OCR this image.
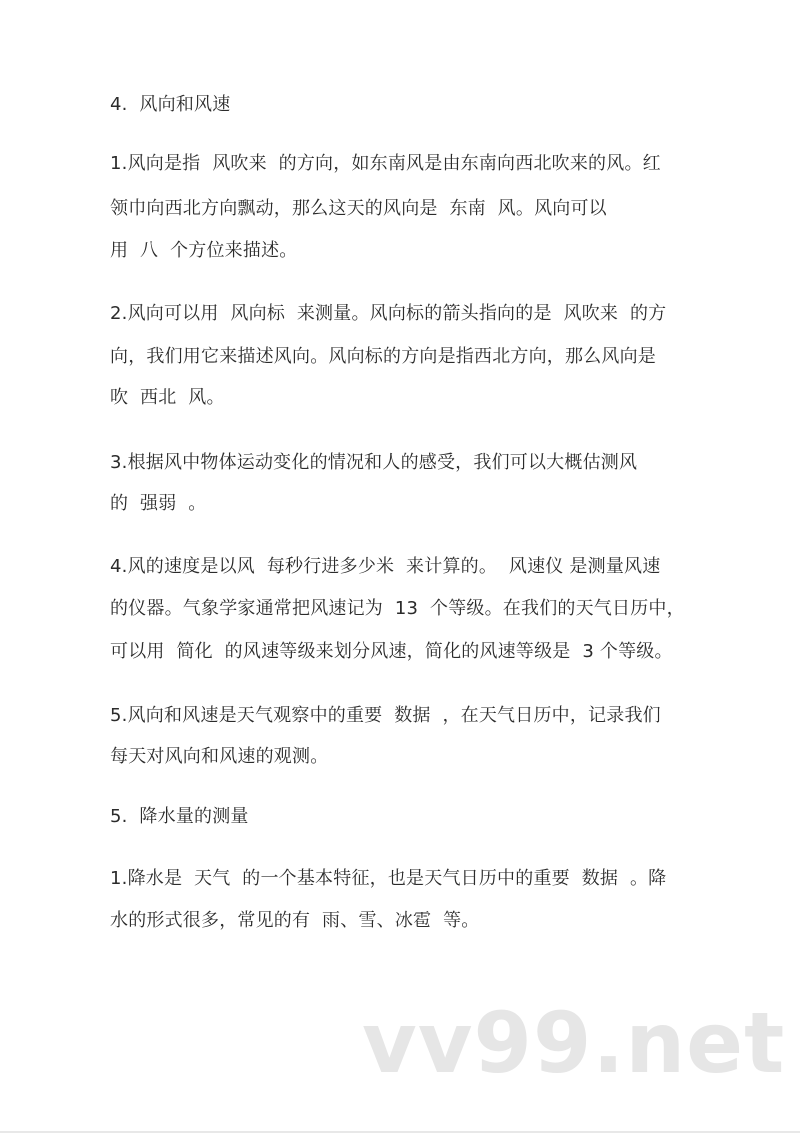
4.  风向和风速
1.风向是指  风吹来  的方向，如东南风是由东南向西北吹来的风。红
领巾向西北方向飘动，那么这天的风向是  东南  风。风向可以
用  八  个方位来描述。
2.风向可以用  风向标  来测量。风向标的箭头指向的是  风吹来  的方
向，我们用它来描述风向。风向标的方向是指西北方向，那么风向是
吹  西北  风。
3.根据风中物体运动变化的情况和人的感受，我们可以大概估测风
的  强弱  。
4.风的速度是以风  每秒行进多少米  来计算的。  风速仪 是测量风速
的仪器。气象学家通常把风速记为  13  个等级。在我们的天气日历中，
可以用  简化  的风速等级来划分风速，简化的风速等级是  3 个等级。
5.风向和风速是天气观察中的重要  数据  ，在天气日历中，记录我们
每天对风向和风速的观测。
5.  降水量的测量
1.降水是  天气  的一个基本特征，也是天气日历中的重要  数据  。降
水的形式很多，常见的有  雨、雪、冰雹  等。
vv99.net
